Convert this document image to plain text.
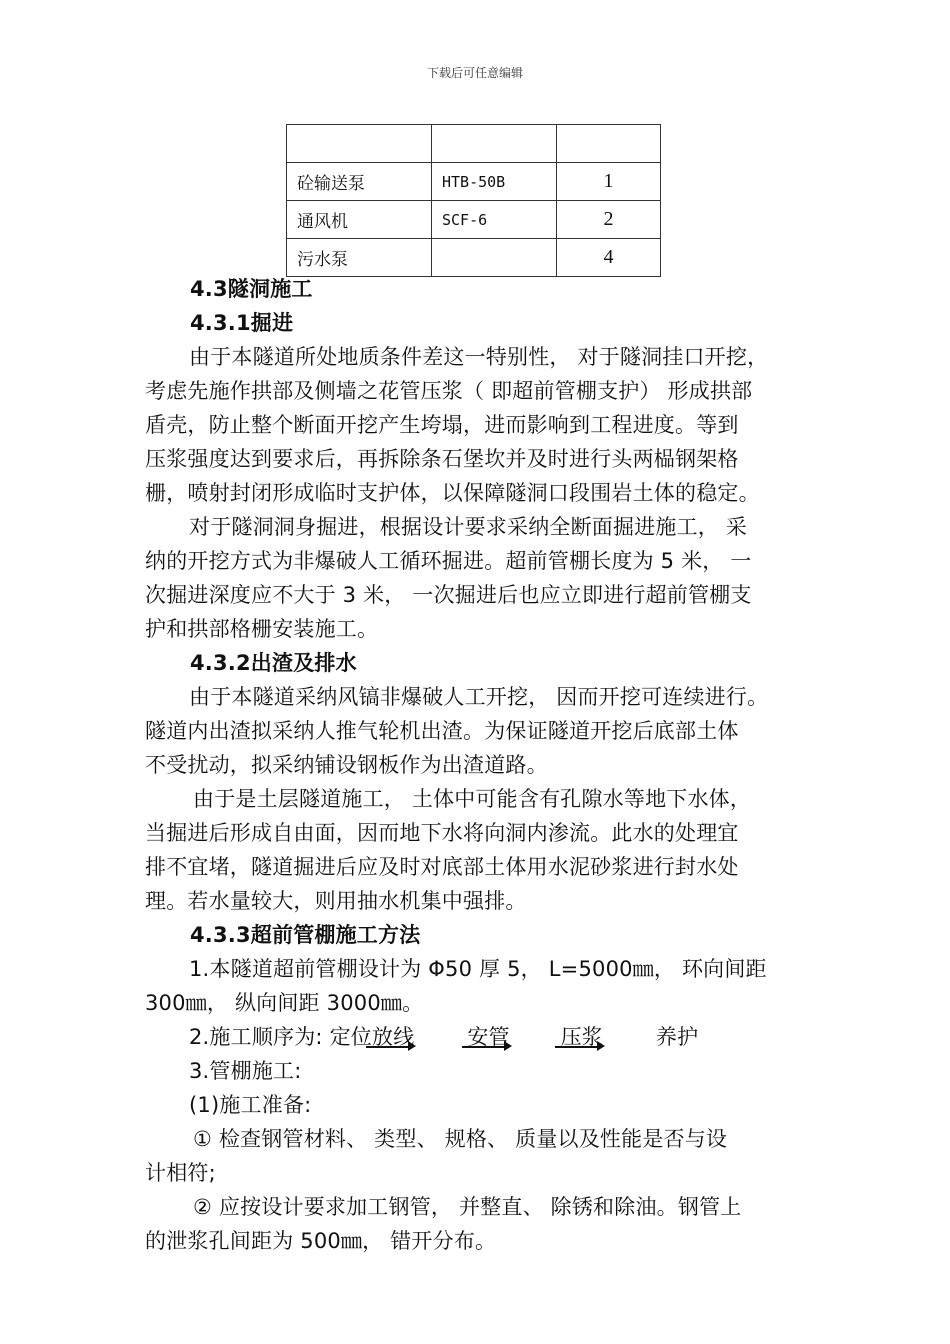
下载后可任意编辑

砼输送泵	HTB-50B	1
通风机	SCF-6	2
污水泵		4
4.3隧洞施工
4.3.1掘进
由于本隧道所处地质条件差这一特别性， 对于隧洞挂口开挖，
考虑先施作拱部及侧墙之花管压浆（ 即超前管棚支护） 形成拱部
盾壳，防止整个断面开挖产生垮塌，进而影响到工程进度。等到
压浆强度达到要求后，再拆除条石堡坎并及时进行头两榀钢架格
栅，喷射封闭形成临时支护体，以保障隧洞口段围岩土体的稳定。
对于隧洞洞身掘进，根据设计要求采纳全断面掘进施工， 采
纳的开挖方式为非爆破人工循环掘进。超前管棚长度为 5 米， 一
次掘进深度应不大于 3 米， 一次掘进后也应立即进行超前管棚支
护和拱部格栅安装施工。
4.3.2出渣及排水
由于本隧道采纳风镐非爆破人工开挖， 因而开挖可连续进行。
隧道内出渣拟采纳人推气轮机出渣。为保证隧道开挖后底部土体
不受扰动，拟采纳铺设钢板作为出渣道路。
由于是土层隧道施工， 土体中可能含有孔隙水等地下水体，
当掘进后形成自由面，因而地下水将向洞内渗流。此水的处理宜
排不宜堵，隧道掘进后应及时对底部土体用水泥砂浆进行封水处
理。若水量较大，则用抽水机集中强排。
4.3.3超前管棚施工方法
1.本隧道超前管棚设计为 Φ50 厚 5， L=5000㎜， 环向间距
300㎜， 纵向间距 3000㎜。
2.施工顺序为: 定位放线	安管 压浆	养护
3.管棚施工:
(1)施工准备:
① 检查钢管材料、 类型、 规格、 质量以及性能是否与设
计相符;
② 应按设计要求加工钢管， 并整直、 除锈和除油。钢管上
的泄浆孔间距为 500㎜， 错开分布。
